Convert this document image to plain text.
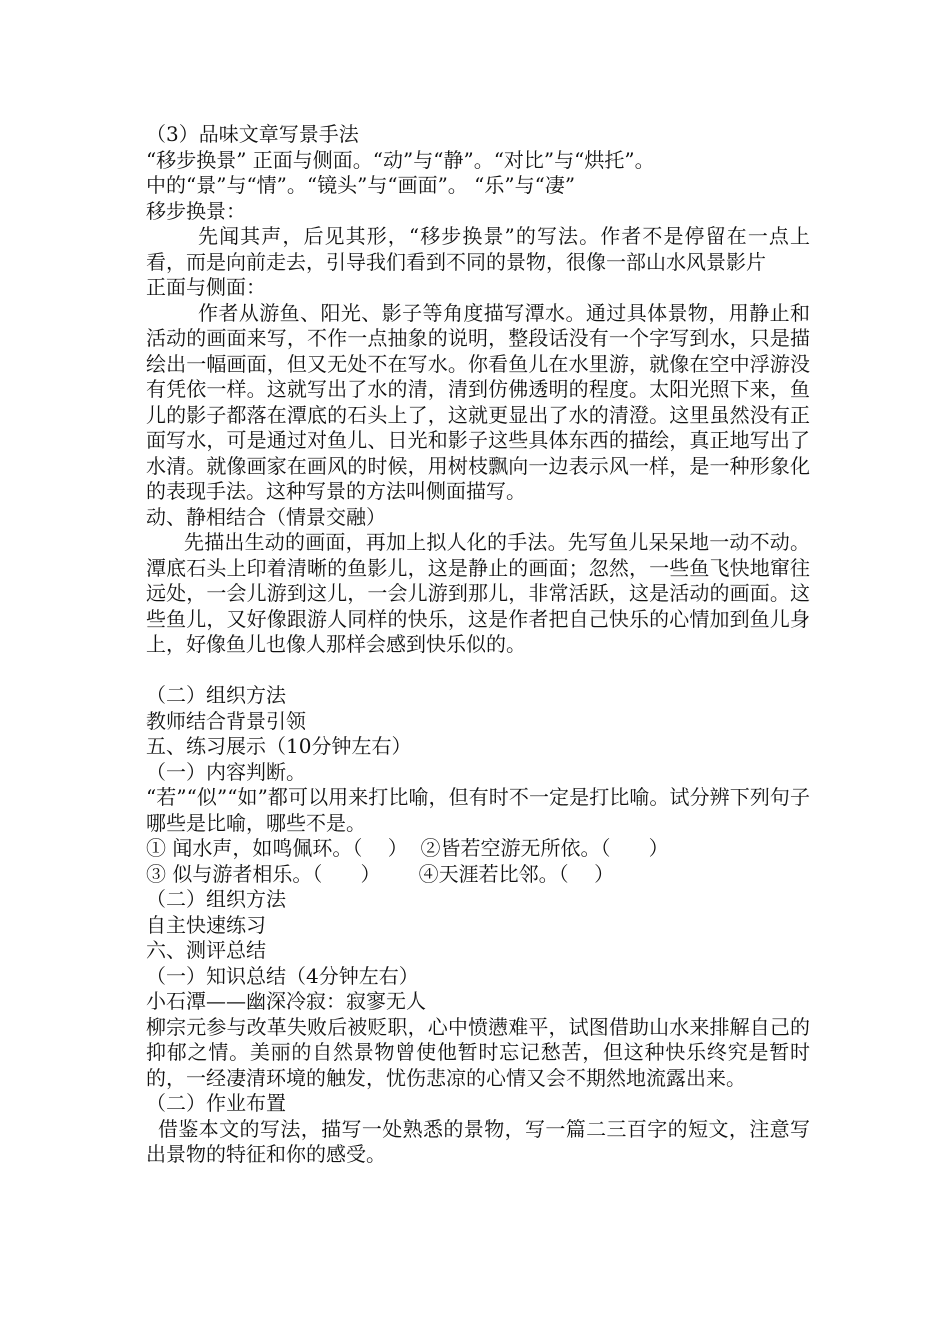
（3）品味文章写景手法
“移步换景” 正面与侧面。“动”与“静”。“对比”与“烘托”。
中的“景”与“情”。“镜头”与“画面”。 “乐”与“凄”
移步换景：
先闻其声，后见其形，“移步换景”的写法。作者不是停留在一点上看，而是向前走去，引导我们看到不同的景物，很像一部山水风景影片
正面与侧面：
作者从游鱼、阳光、影子等角度描写潭水。通过具体景物，用静止和活动的画面来写，不作一点抽象的说明，整段话没有一个字写到水，只是描绘出一幅画面，但又无处不在写水。你看鱼儿在水里游，就像在空中浮游没有凭依一样。这就写出了水的清，清到仿佛透明的程度。太阳光照下来，鱼儿的影子都落在潭底的石头上了，这就更显出了水的清澄。这里虽然没有正面写水，可是通过对鱼儿、日光和影子这些具体东西的描绘，真正地写出了水清。就像画家在画风的时候，用树枝飘向一边表示风一样，是一种形象化的表现手法。这种写景的方法叫侧面描写。
动、静相结合（情景交融）
先描出生动的画面，再加上拟人化的手法。先写鱼儿呆呆地一动不动。潭底石头上印着清晰的鱼影儿，这是静止的画面；忽然，一些鱼飞快地窜往远处，一会儿游到这儿，一会儿游到那儿，非常活跃，这是活动的画面。这些鱼儿，又好像跟游人同样的快乐，这是作者把自己快乐的心情加到鱼儿身上，好像鱼儿也像人那样会感到快乐似的。
（二）组织方法
教师结合背景引领
五、练习展示（10分钟左右）
（一）内容判断。
“若”“似”“如”都可以用来打比喻，但有时不一定是打比喻。试分辨下列句子哪些是比喻，哪些不是。
① 闻水声，如鸣佩环。（    ）  ②皆若空游无所依。（      ）
③ 似与游者相乐。（      ）      ④天涯若比邻。（    ）
（二）组织方法
自主快速练习
六、测评总结
（一）知识总结（4分钟左右）
小石潭——幽深冷寂：寂寥无人
柳宗元参与改革失败后被贬职，心中愤懑难平，试图借助山水来排解自己的抑郁之情。美丽的自然景物曾使他暂时忘记愁苦，但这种快乐终究是暂时的，一经凄清环境的触发，忧伤悲凉的心情又会不期然地流露出来。
（二）作业布置
借鉴本文的写法，描写一处熟悉的景物，写一篇二三百字的短文，注意写出景物的特征和你的感受。
